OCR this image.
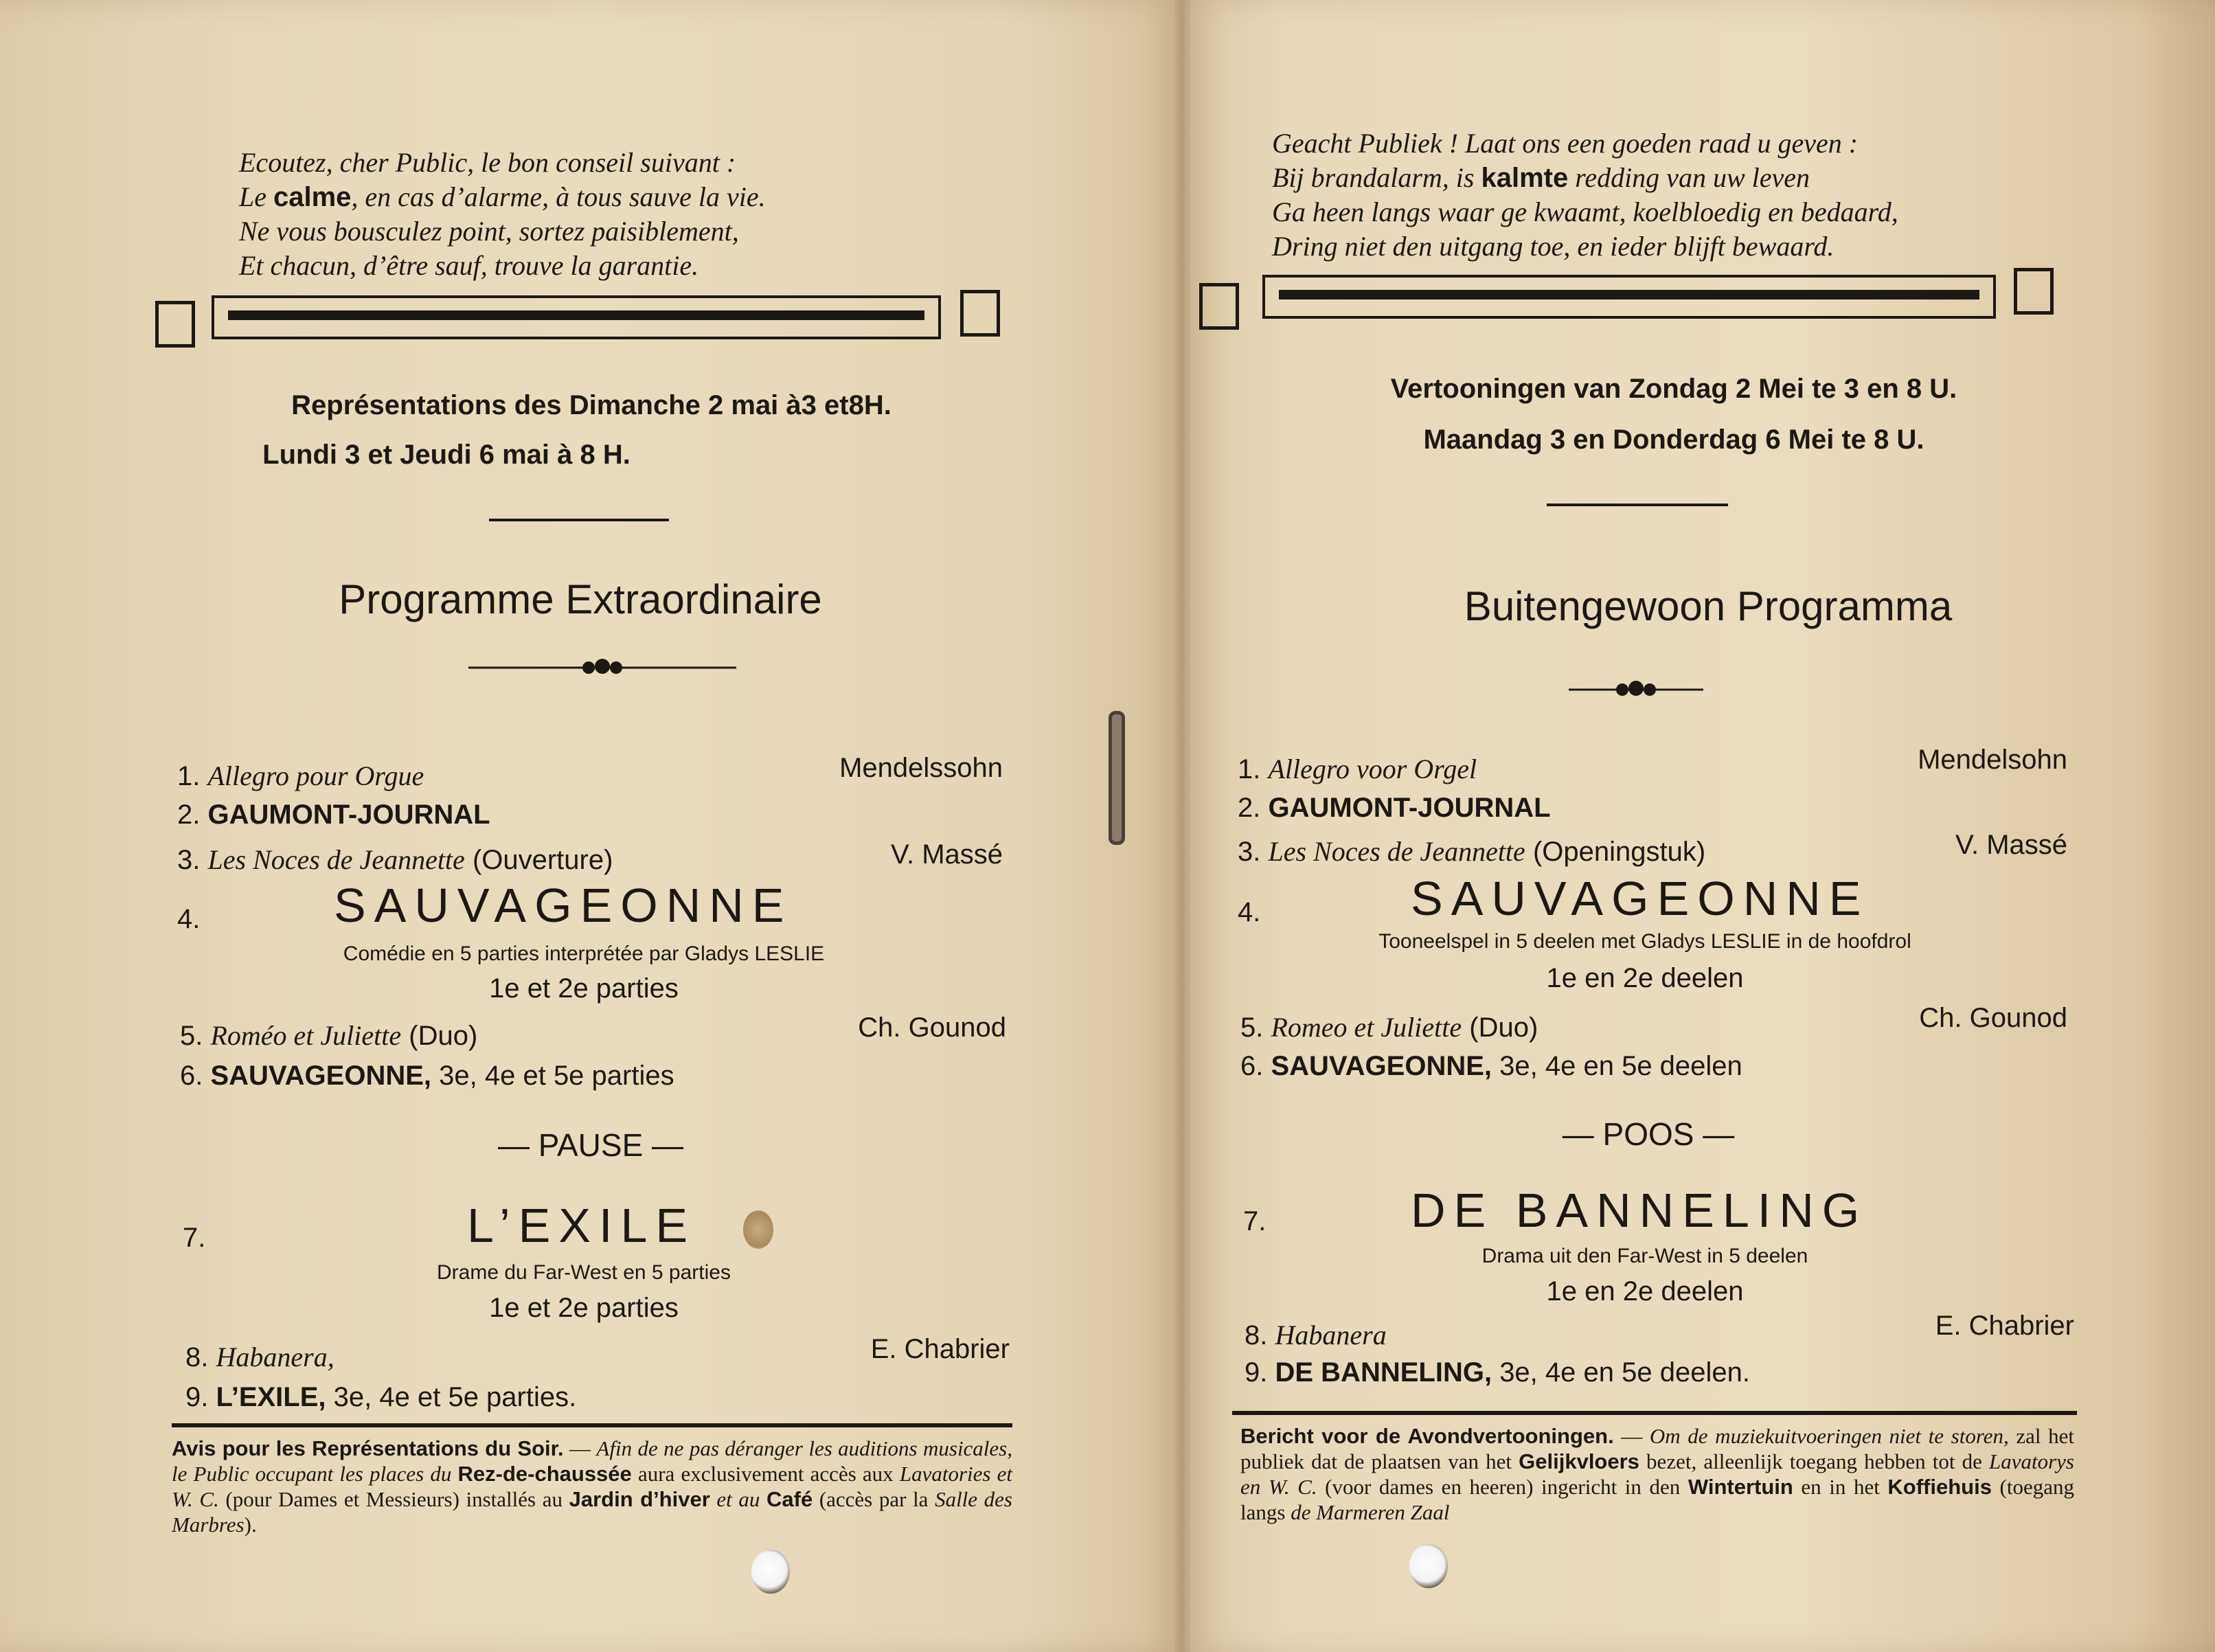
Ecoutez, cher Public, le bon conseil suivant :
Le calme, en cas d’alarme, à tous sauve la vie.
Ne vous bousculez point, sortez paisiblement,
Et chacun, d’être sauf, trouve la garantie.
Représentations des Dimanche 2 mai à3 et8H.
Lundi 3 et Jeudi 6 mai à 8 H.
Programme Extraordinaire
1. Allegro pour Orgue	Mendelssohn
2. GAUMONT-JOURNAL
3. Les Noces de Jeannette (Ouverture)	V. Massé
4.	SAUVAGEONNE
Comédie en 5 parties interprétée par Gladys LESLIE
1e et 2e parties
5. Roméo et Juliette (Duo)	Ch. Gounod
6. SAUVAGEONNE, 3e, 4e et 5e parties
— PAUSE —
7.	L’EXILE
Drame du Far-West en 5 parties
1e et 2e parties
8. Habanera,	E. Chabrier
9. L’EXILE, 3e, 4e et 5e parties.
Avis pour les Représentations du Soir. — Afin de ne pas déranger les auditions musicales, le Public occupant les places du Rez-de-chaussée aura exclusivement accès aux Lavatories et W. C. (pour Dames et Messieurs) installés au Jardin d’hiver et au Café (accès par la Salle des Marbres).
Geacht Publiek ! Laat ons een goeden raad u geven :
Bij brandalarm, is kalmte redding van uw leven
Ga heen langs waar ge kwaamt, koelbloedig en bedaard,
Dring niet den uitgang toe, en ieder blijft bewaard.
Vertooningen van Zondag 2 Mei te 3 en 8 U.
Maandag 3 en Donderdag 6 Mei te 8 U.
Buitengewoon Programma
1. Allegro voor Orgel	Mendelsohn
2. GAUMONT-JOURNAL
3. Les Noces de Jeannette (Openingstuk)	V. Massé
4.	SAUVAGEONNE
Tooneelspel in 5 deelen met Gladys LESLIE in de hoofdrol
1e en 2e deelen
5. Romeo et Juliette (Duo)	Ch. Gounod
6. SAUVAGEONNE, 3e, 4e en 5e deelen
— POOS —
7.	DE BANNELING
Drama uit den Far-West in 5 deelen
1e en 2e deelen
8. Habanera	E. Chabrier
9. DE BANNELING, 3e, 4e en 5e deelen.
Bericht voor de Avondvertooningen. — Om de muziekuitvoeringen niet te storen, zal het publiek dat de plaatsen van het Gelijkvloers bezet, alleenlijk toegang hebben tot de Lavatorys en W. C. (voor dames en heeren) ingericht in den Wintertuin en in het Koffiehuis (toegang langs de Marmeren Zaal
